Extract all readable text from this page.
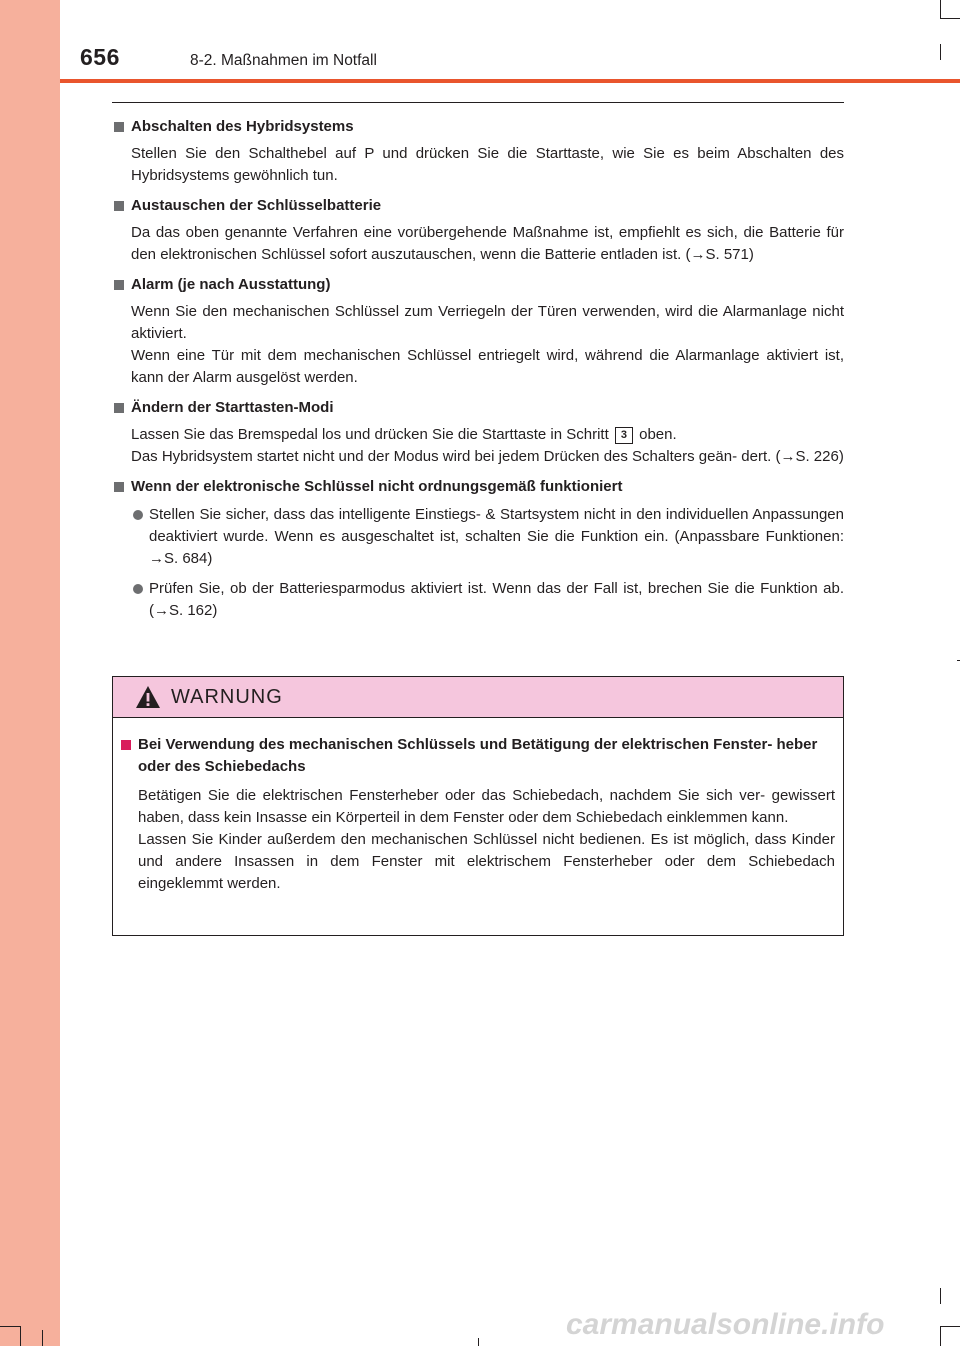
656	8-2. Maßnahmen im Notfall
Abschalten des Hybridsystems
Stellen Sie den Schalthebel auf P und drücken Sie die Starttaste, wie Sie es beim Abschalten des Hybridsystems gewöhnlich tun.
Austauschen der Schlüsselbatterie
Da das oben genannte Verfahren eine vorübergehende Maßnahme ist, empfiehlt es sich, die Batterie für den elektronischen Schlüssel sofort auszutauschen, wenn die Batterie entladen ist. (→S. 571)
Alarm (je nach Ausstattung)
Wenn Sie den mechanischen Schlüssel zum Verriegeln der Türen verwenden, wird die Alarmanlage nicht aktiviert.
Wenn eine Tür mit dem mechanischen Schlüssel entriegelt wird, während die Alarmanlage aktiviert ist, kann der Alarm ausgelöst werden.
Ändern der Starttasten-Modi
Lassen Sie das Bremspedal los und drücken Sie die Starttaste in Schritt 3 oben.
Das Hybridsystem startet nicht und der Modus wird bei jedem Drücken des Schalters geän- dert. (→S. 226)
Wenn der elektronische Schlüssel nicht ordnungsgemäß funktioniert
Stellen Sie sicher, dass das intelligente Einstiegs- & Startsystem nicht in den individuellen Anpassungen deaktiviert wurde. Wenn es ausgeschaltet ist, schalten Sie die Funktion ein. (Anpassbare Funktionen: →S. 684)
Prüfen Sie, ob der Batteriesparmodus aktiviert ist. Wenn das der Fall ist, brechen Sie die Funktion ab. (→S. 162)
WARNUNG
Bei Verwendung des mechanischen Schlüssels und Betätigung der elektrischen Fenster- heber oder des Schiebedachs
Betätigen Sie die elektrischen Fensterheber oder das Schiebedach, nachdem Sie sich ver- gewissert haben, dass kein Insasse ein Körperteil in dem Fenster oder dem Schiebedach einklemmen kann.
Lassen Sie Kinder außerdem den mechanischen Schlüssel nicht bedienen. Es ist möglich, dass Kinder und andere Insassen in dem Fenster mit elektrischem Fensterheber oder dem Schiebedach eingeklemmt werden.
carmanualsonline.info
